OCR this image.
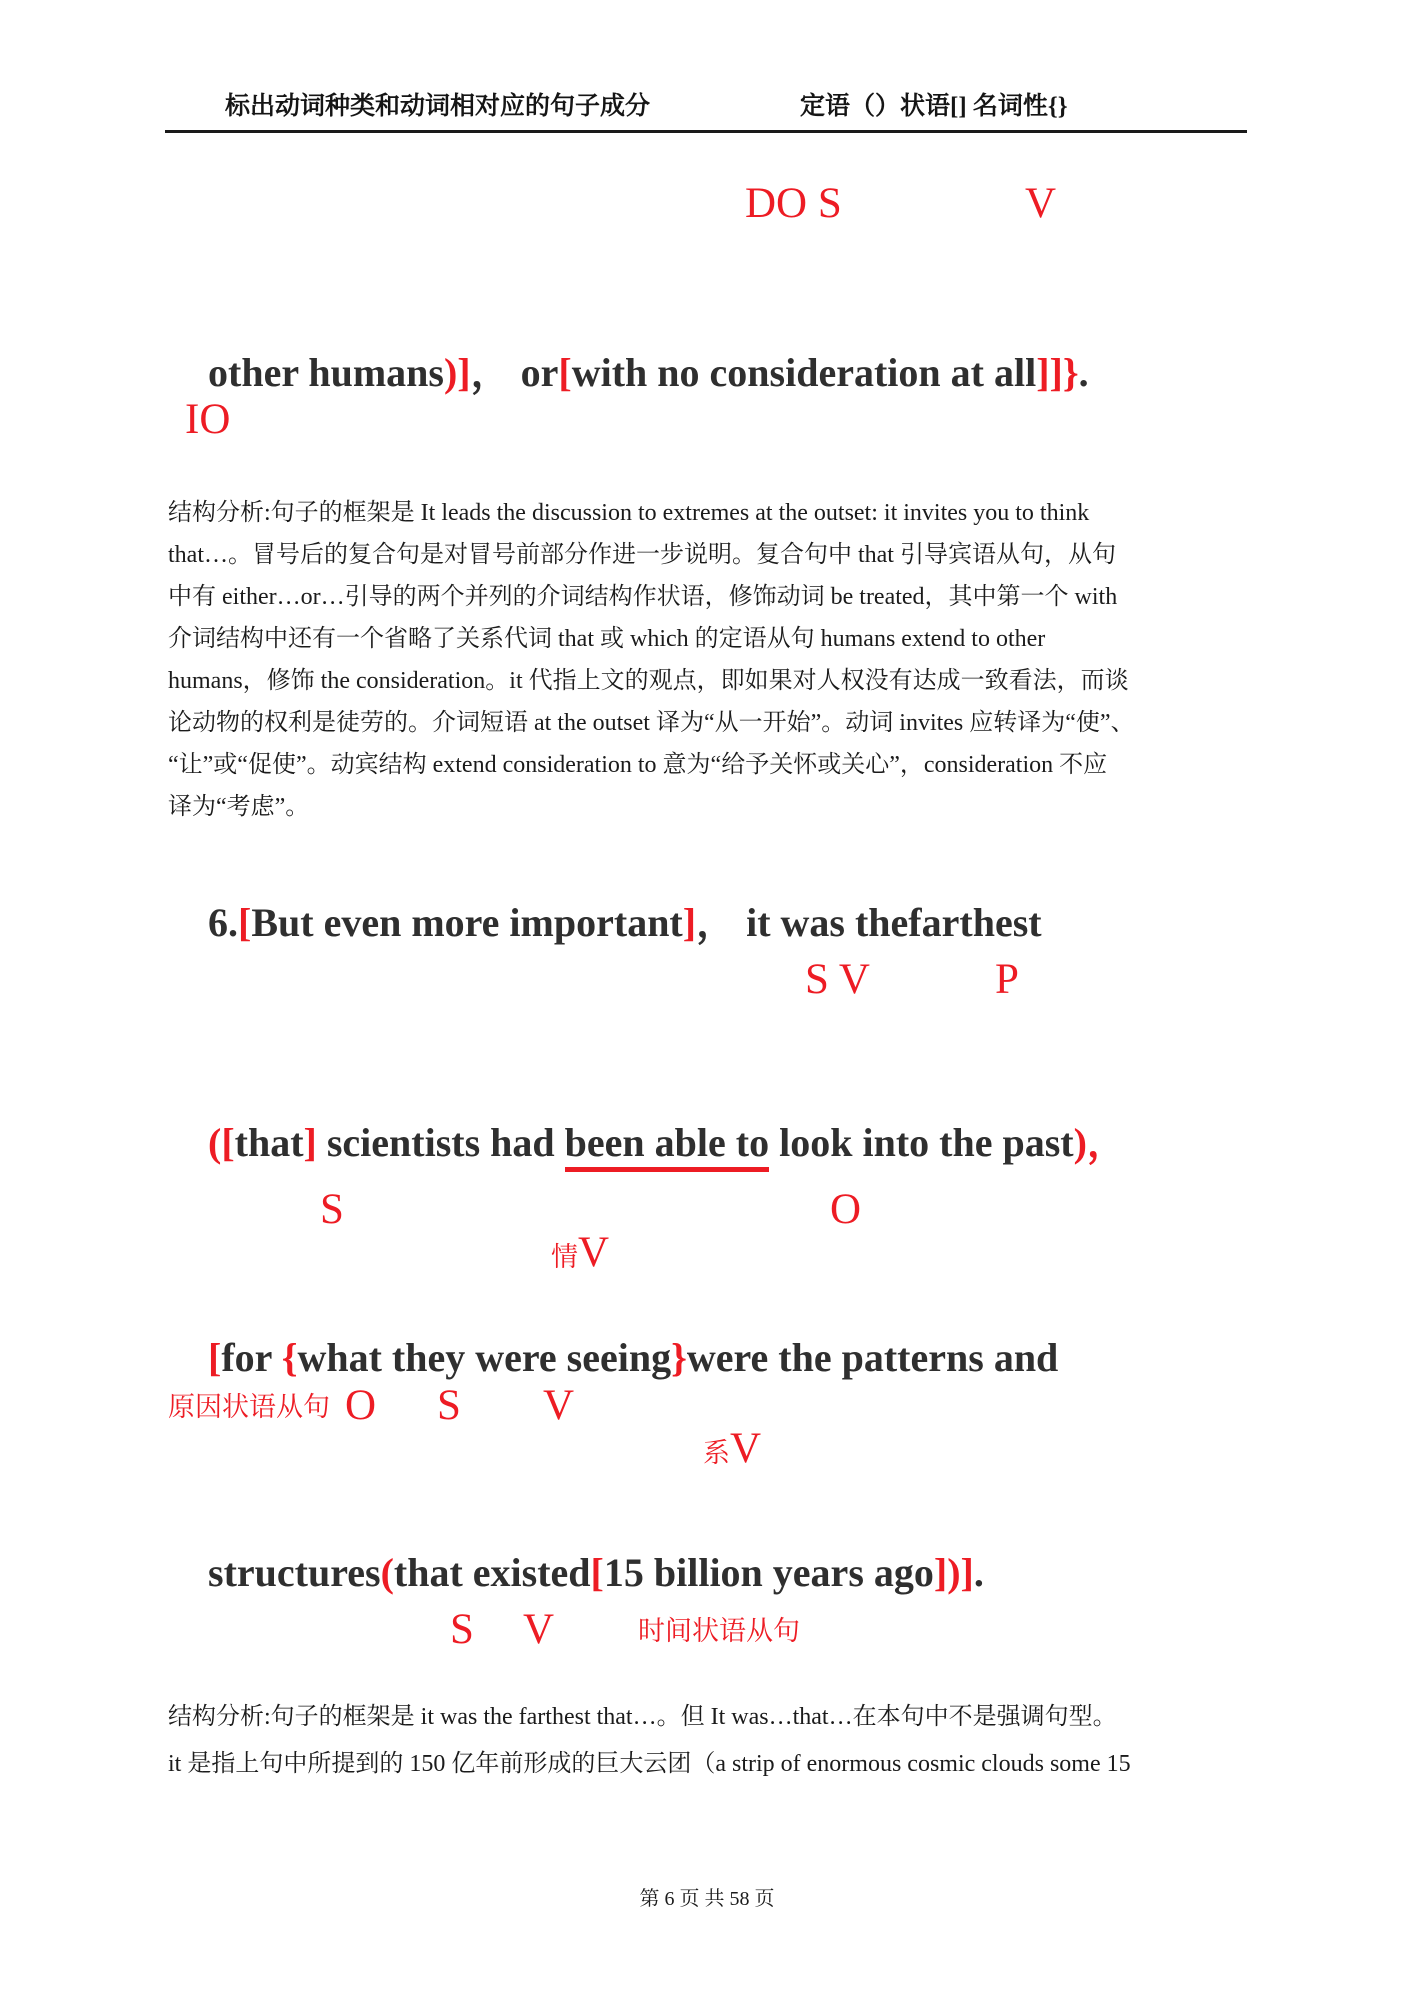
标出动词种类和动词相对应的句子成分	定语（）状语[] 名词性{}
DO S	V

other humans)]， or[with no consideration at all]]}.

IO
结构分析:句子的框架是 It leads the discussion to extremes at the outset: it invites you to think
that…。冒号后的复合句是对冒号前部分作进一步说明。复合句中 that 引导宾语从句，从句
中有 either…or…引导的两个并列的介词结构作状语，修饰动词 be treated，其中第一个 with
介词结构中还有一个省略了关系代词 that 或 which 的定语从句 humans extend to other
humans，修饰 the consideration。it 代指上文的观点，即如果对人权没有达成一致看法，而谈
论动物的权利是徒劳的。介词短语 at the outset 译为“从一开始”。动词 invites 应转译为“使”、
“让”或“促使”。动宾结构 extend consideration to 意为“给予关怀或关心”，consideration 不应
译为“考虑”。

6.[But even more important]， it was thefarthest

S V	P

([that] scientists had been able to look into the past)，

S

情V

O

[for {what they were seeing}were the patterns and

原因状语从句 O S V

系V

structures(that existed[15 billion years ago])].

S V	时间状语从句
结构分析:句子的框架是 it was the farthest that…。但 It was…that…在本句中不是强调句型。
it 是指上句中所提到的 150 亿年前形成的巨大云团（a strip of enormous cosmic clouds some 15
第 6 页 共 58 页
